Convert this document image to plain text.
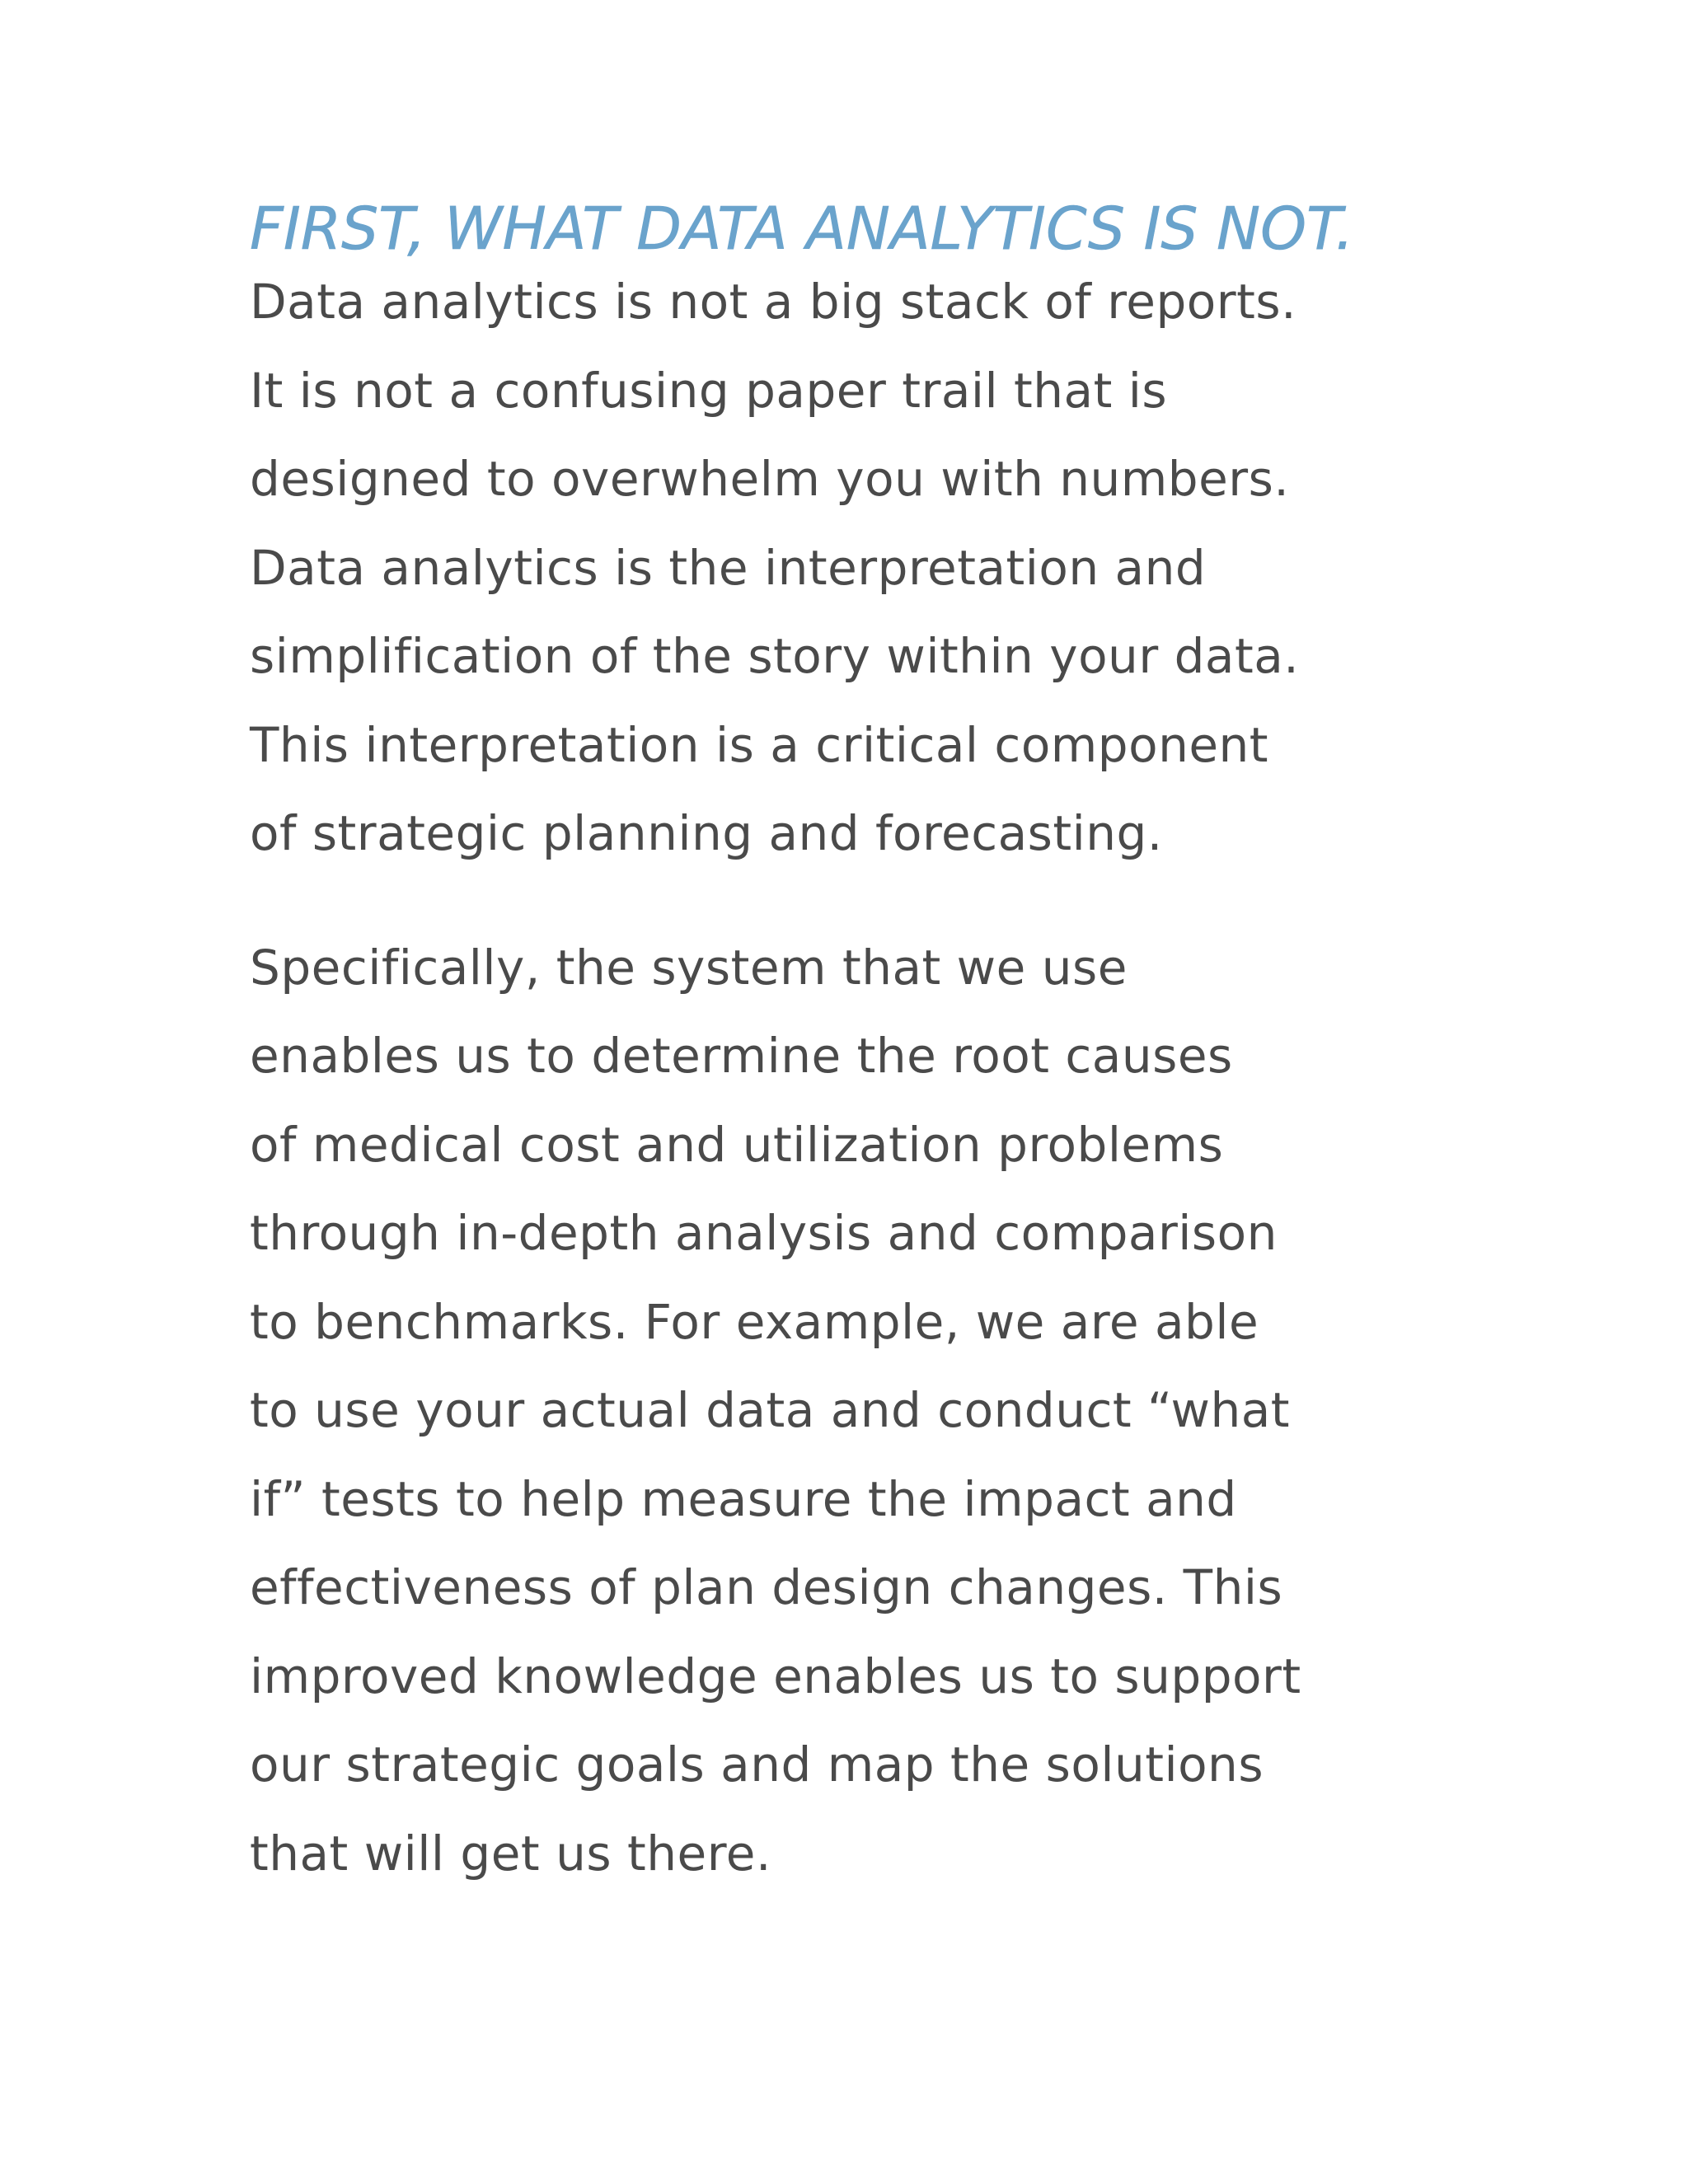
FIRST, WHAT DATA ANALYTICS IS NOT.

Data analytics is not a big stack of reports.
It is not a confusing paper trail that is
designed to overwhelm you with numbers.
Data analytics is the interpretation and
simplification of the story within your data.
This interpretation is a critical component
of strategic planning and forecasting.

Specifically, the system that we use
enables us to determine the root causes
of medical cost and utilization problems
through in-depth analysis and comparison
to benchmarks. For example, we are able
to use your actual data and conduct “what
if” tests to help measure the impact and
effectiveness of plan design changes. This
improved knowledge enables us to support
our strategic goals and map the solutions
that will get us there.
